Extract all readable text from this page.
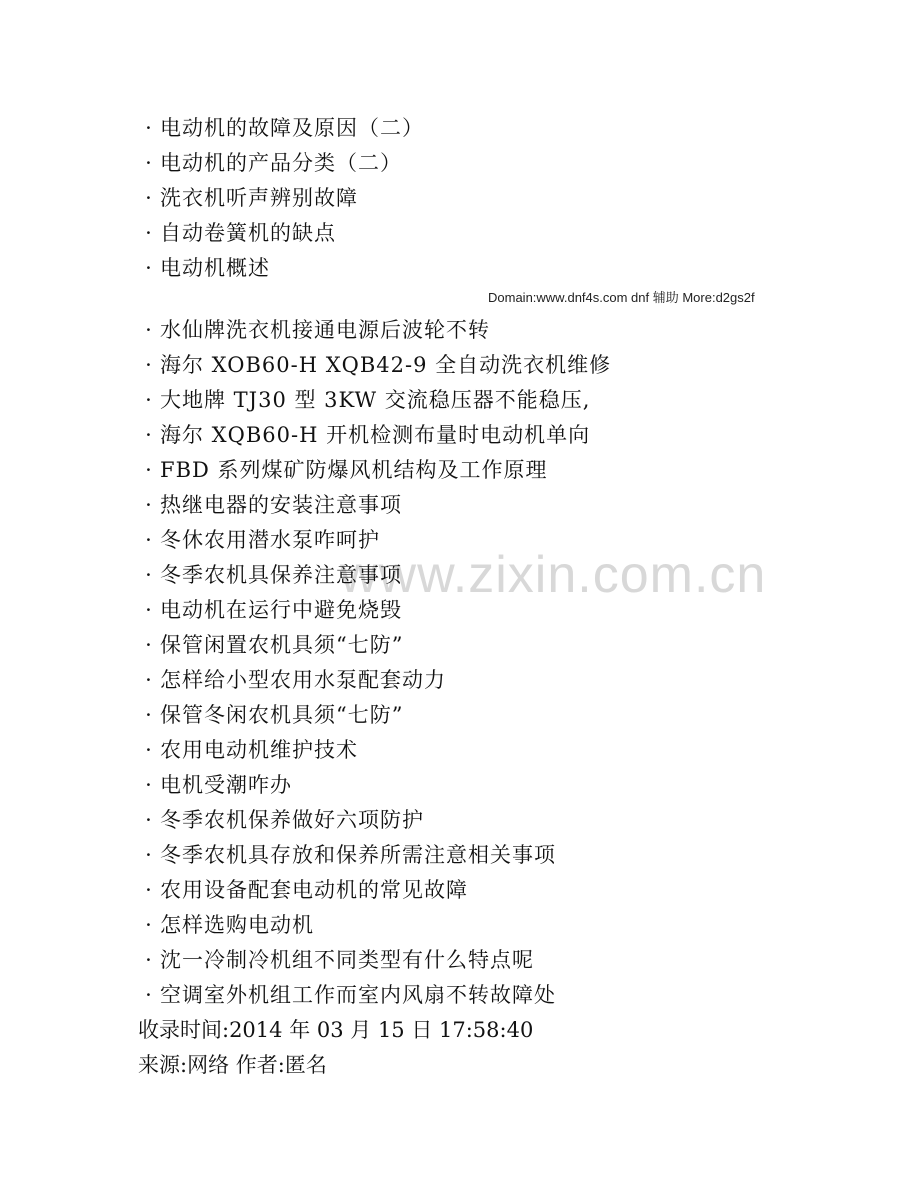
www.zixin.com.cn
· 电动机的故障及原因（二）
· 电动机的产品分类（二）
· 洗衣机听声辨别故障
· 自动卷簧机的缺点
· 电动机概述
Domain:www.dnf4s.com dnf 辅助 More:d2gs2f
· 水仙牌洗衣机接通电源后波轮不转
· 海尔 XOB60-H XQB42-9 全自动洗衣机维修
· 大地牌 TJ30 型 3KW 交流稳压器不能稳压,
· 海尔 XQB60-H 开机检测布量时电动机单向
· FBD 系列煤矿防爆风机结构及工作原理
· 热继电器的安装注意事项
· 冬休农用潜水泵咋呵护
· 冬季农机具保养注意事项
· 电动机在运行中避免烧毁
· 保管闲置农机具须“七防”
· 怎样给小型农用水泵配套动力
· 保管冬闲农机具须“七防”
· 农用电动机维护技术
· 电机受潮咋办
· 冬季农机保养做好六项防护
· 冬季农机具存放和保养所需注意相关事项
· 农用设备配套电动机的常见故障
· 怎样选购电动机
· 沈一冷制冷机组不同类型有什么特点呢
· 空调室外机组工作而室内风扇不转故障处
收录时间:2014 年 03 月 15 日 17:58:40
来源:网络 作者:匿名
